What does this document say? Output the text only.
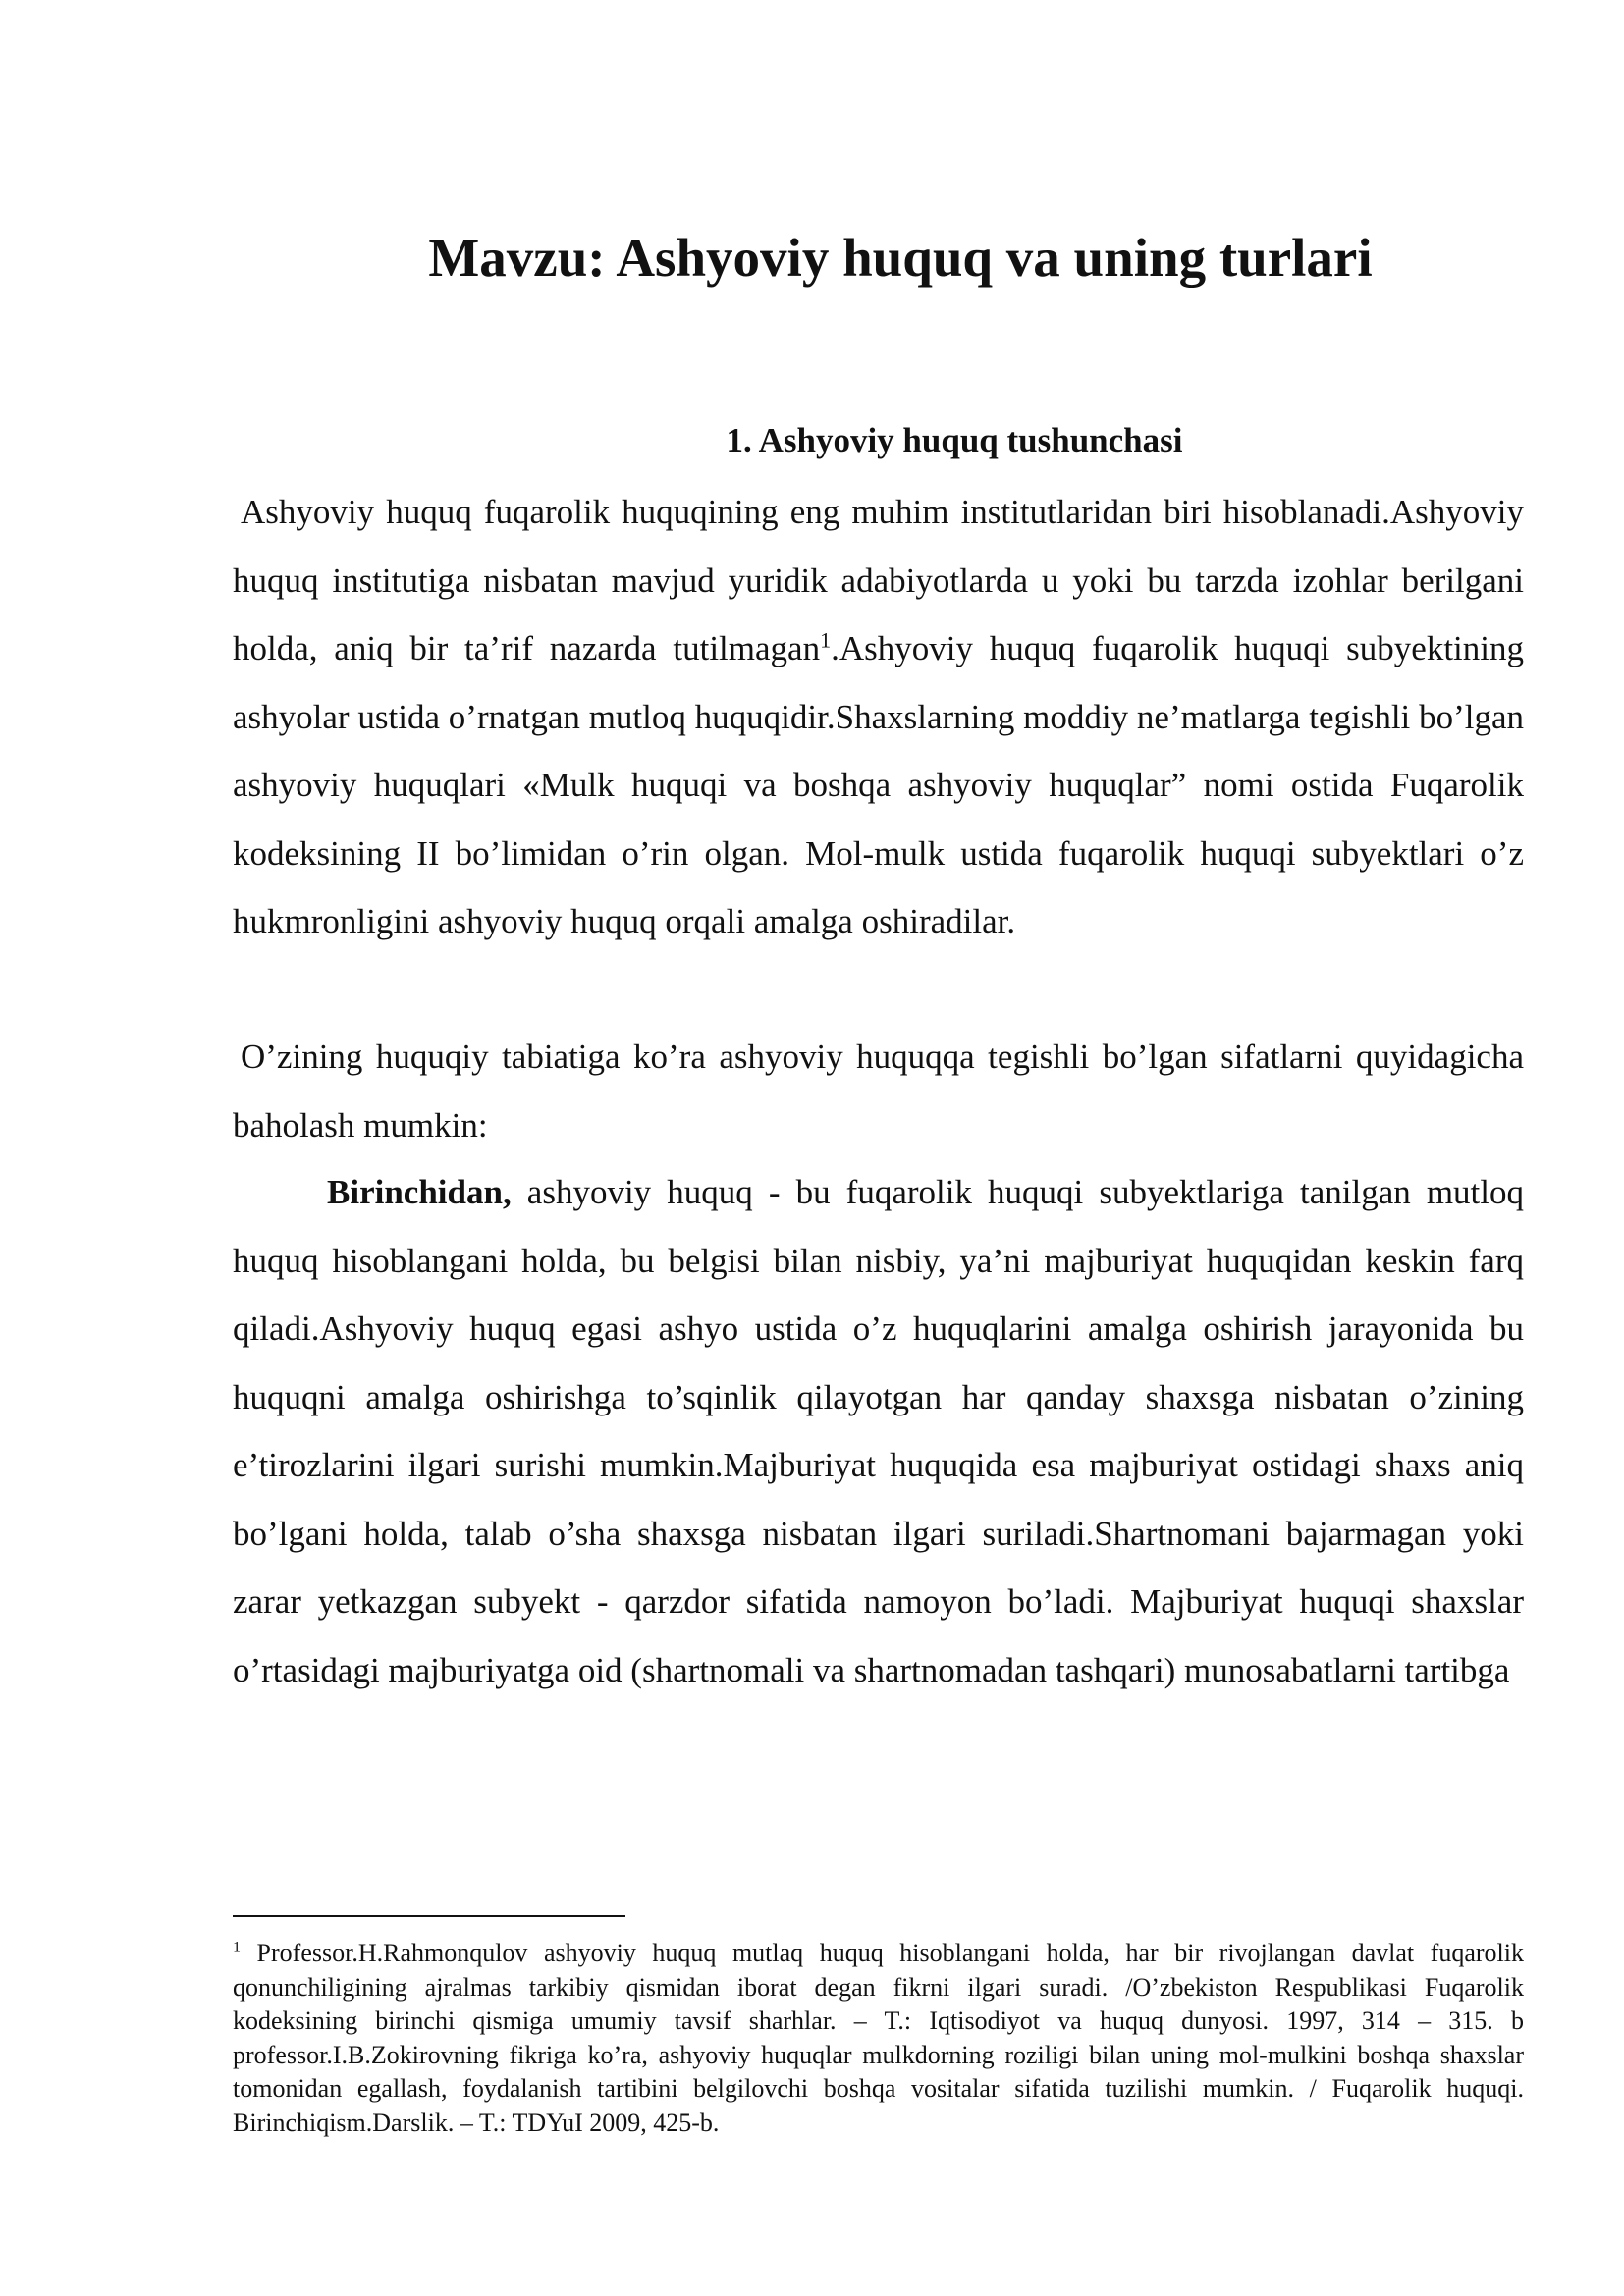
Mavzu: Ashyoviy huquq va uning turlari
1. Ashyoviy huquq tushunchasi

Ashyoviy huquq fuqarolik huquqining eng muhim institutlaridan biri hisoblanadi.Ashyoviy huquq institutiga nisbatan mavjud yuridik adabiyotlarda u yoki bu tarzda izohlar berilgani holda, aniq bir ta’rif nazarda tutilmagan$^1$.Ashyoviy huquq fuqarolik huquqi subyektining ashyolar ustida o’rnatgan mutloq huquqidir.Shaxslarning moddiy ne’matlarga tegishli bo’lgan ashyoviy huquqlari «Mulk huquqi va boshqa ashyoviy huquqlar” nomi ostida Fuqarolik kodeksining II bo’limidan o’rin olgan. Mol-mulk ustida fuqarolik huquqi subyektlari o’z hukmronligini ashyoviy huquq orqali amalga oshiradilar.

O’zining huquqiy tabiatiga ko’ra ashyoviy huquqqa tegishli bo’lgan sifatlarni quyidagicha baholash mumkin:

Birinchidan, ashyoviy huquq - bu fuqarolik huquqi subyektlariga tanilgan mutloq huquq hisoblangani holda, bu belgisi bilan nisbiy, ya’ni majburiyat huquqidan keskin farq qiladi.Ashyoviy huquq egasi ashyo ustida o’z huquqlarini amalga oshirish jarayonida bu huquqni amalga oshirishga to’sqinlik qilayotgan har qanday shaxsga nisbatan o’zining e’tirozlarini ilgari surishi mumkin.Majburiyat huquqida esa majburiyat ostidagi shaxs aniq bo’lgani holda, talab o’sha shaxsga nisbatan ilgari suriladi.Shartnomani bajarmagan yoki zarar yetkazgan subyekt - qarzdor sifatida namoyon bo’ladi. Majburiyat huquqi shaxslar o’rtasidagi majburiyatga oid (shartnomali va shartnomadan tashqari) munosabatlarni tartibga

$^1$ Professor.H.Rahmonqulov ashyoviy huquq mutlaq huquq hisoblangani holda, har bir rivojlangan davlat fuqarolik qonunchiligining ajralmas tarkibiy qismidan iborat degan fikrni ilgari suradi. /O’zbekiston Respublikasi Fuqarolik kodeksining birinchi qismiga umumiy tavsif sharhlar. – T.: Iqtisodiyot va huquq dunyosi. 1997, 314 – 315. b professor.I.B.Zokirovning fikriga ko’ra, ashyoviy huquqlar mulkdorning roziligi bilan uning mol-mulkini boshqa shaxslar tomonidan egallash, foydalanish tartibini belgilovchi boshqa vositalar sifatida tuzilishi mumkin. / Fuqarolik huquqi. Birinchiqism.Darslik. – T.: TDYuI 2009, 425-b.
